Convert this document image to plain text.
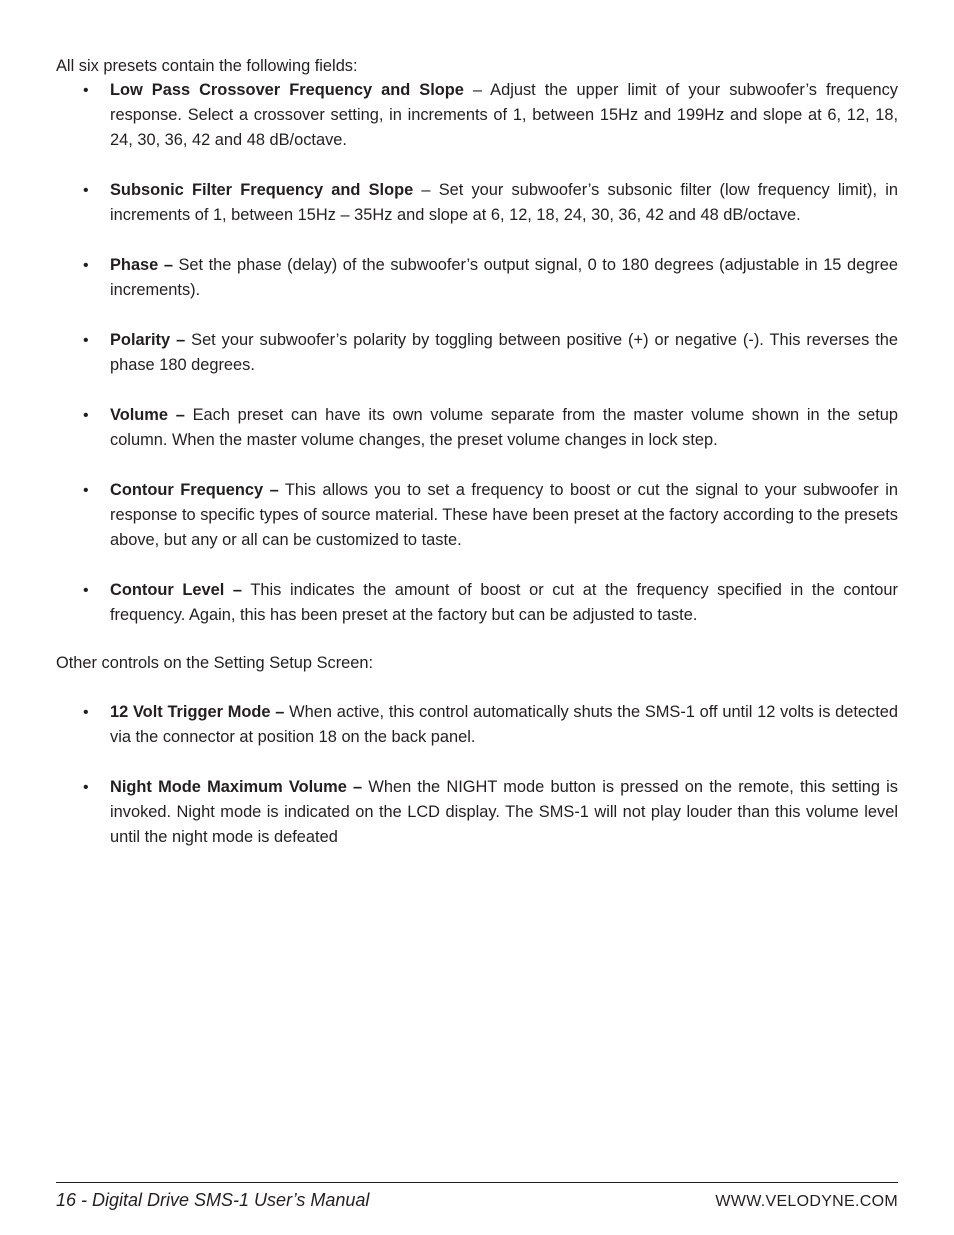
All six presets contain the following fields:

• Low Pass Crossover Frequency and Slope – Adjust the upper limit of your subwoofer’s frequency response. Select a crossover setting, in increments of 1, between 15Hz and 199Hz and slope at 6, 12, 18, 24, 30, 36, 42 and 48 dB/octave.
• Subsonic Filter Frequency and Slope – Set your subwoofer’s subsonic filter (low frequency limit), in increments of 1, between 15Hz – 35Hz and slope at 6, 12, 18, 24, 30, 36, 42 and 48 dB/octave.
• Phase – Set the phase (delay) of the subwoofer’s output signal, 0 to 180 degrees (adjustable in 15 degree increments).
• Polarity – Set your subwoofer’s polarity by toggling between positive (+) or negative (-). This reverses the phase 180 degrees.
• Volume – Each preset can have its own volume separate from the master volume shown in the setup column. When the master volume changes, the preset volume changes in lock step.
• Contour Frequency – This allows you to set a frequency to boost or cut the signal to your subwoofer in response to specific types of source material. These have been preset at the factory according to the presets above, but any or all can be customized to taste.
• Contour Level – This indicates the amount of boost or cut at the frequency specified in the contour frequency. Again, this has been preset at the factory but can be adjusted to taste.

Other controls on the Setting Setup Screen:

• 12 Volt Trigger Mode – When active, this control automatically shuts the SMS-1 off until 12 volts is detected via the connector at position 18 on the back panel.
• Night Mode Maximum Volume – When the NIGHT mode button is pressed on the remote, this setting is invoked. Night mode is indicated on the LCD display. The SMS-1 will not play louder than this volume level until the night mode is defeated
16 - Digital Drive SMS-1 User’s Manual	WWW.VELODYNE.COM
